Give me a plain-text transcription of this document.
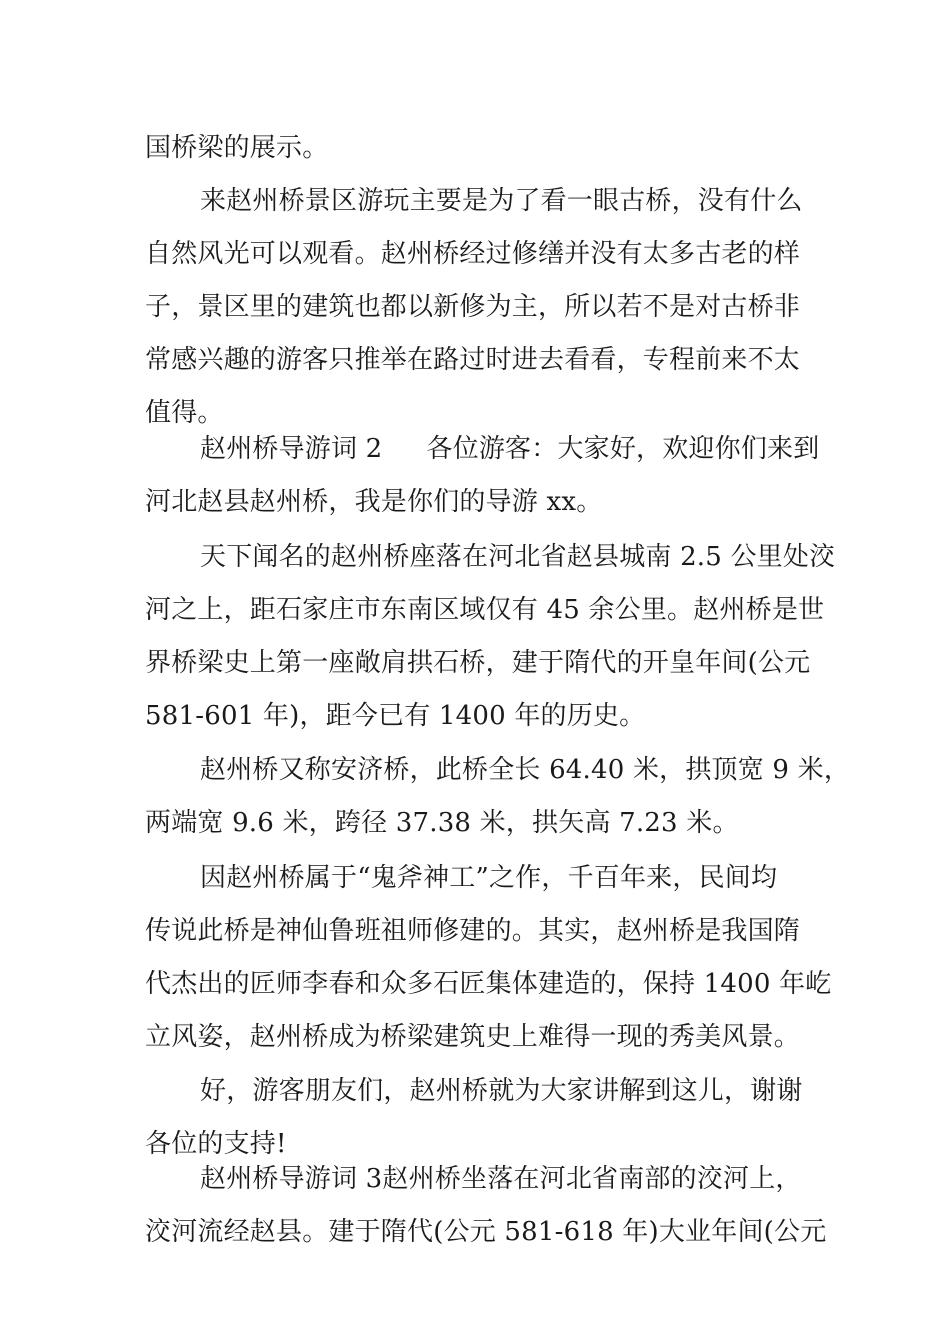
国桥梁的展示。
来赵州桥景区游玩主要是为了看一眼古桥，没有什么
自然风光可以观看。赵州桥经过修缮并没有太多古老的样
子，景区里的建筑也都以新修为主，所以若不是对古桥非
常感兴趣的游客只推举在路过时进去看看，专程前来不太
值得。
赵州桥导游词 2 各位游客：大家好，欢迎你们来到
河北赵县赵州桥，我是你们的导游 xx。
天下闻名的赵州桥座落在河北省赵县城南 2.5 公里处洨
河之上，距石家庄市东南区域仅有 45 余公里。赵州桥是世
界桥梁史上第一座敞肩拱石桥，建于隋代的开皇年间(公元
581-601 年)，距今已有 1400 年的历史。
赵州桥又称安济桥，此桥全长 64.40 米，拱顶宽 9 米，
两端宽 9.6 米，跨径 37.38 米，拱矢高 7.23 米。
因赵州桥属于“鬼斧神工”之作，千百年来，民间均
传说此桥是神仙鲁班祖师修建的。其实，赵州桥是我国隋
代杰出的匠师李春和众多石匠集体建造的，保持 1400 年屹
立风姿，赵州桥成为桥梁建筑史上难得一现的秀美风景。
好，游客朋友们，赵州桥就为大家讲解到这儿，谢谢
各位的支持!
赵州桥导游词 3赵州桥坐落在河北省南部的洨河上，
洨河流经赵县。建于隋代(公元 581-618 年)大业年间(公元
